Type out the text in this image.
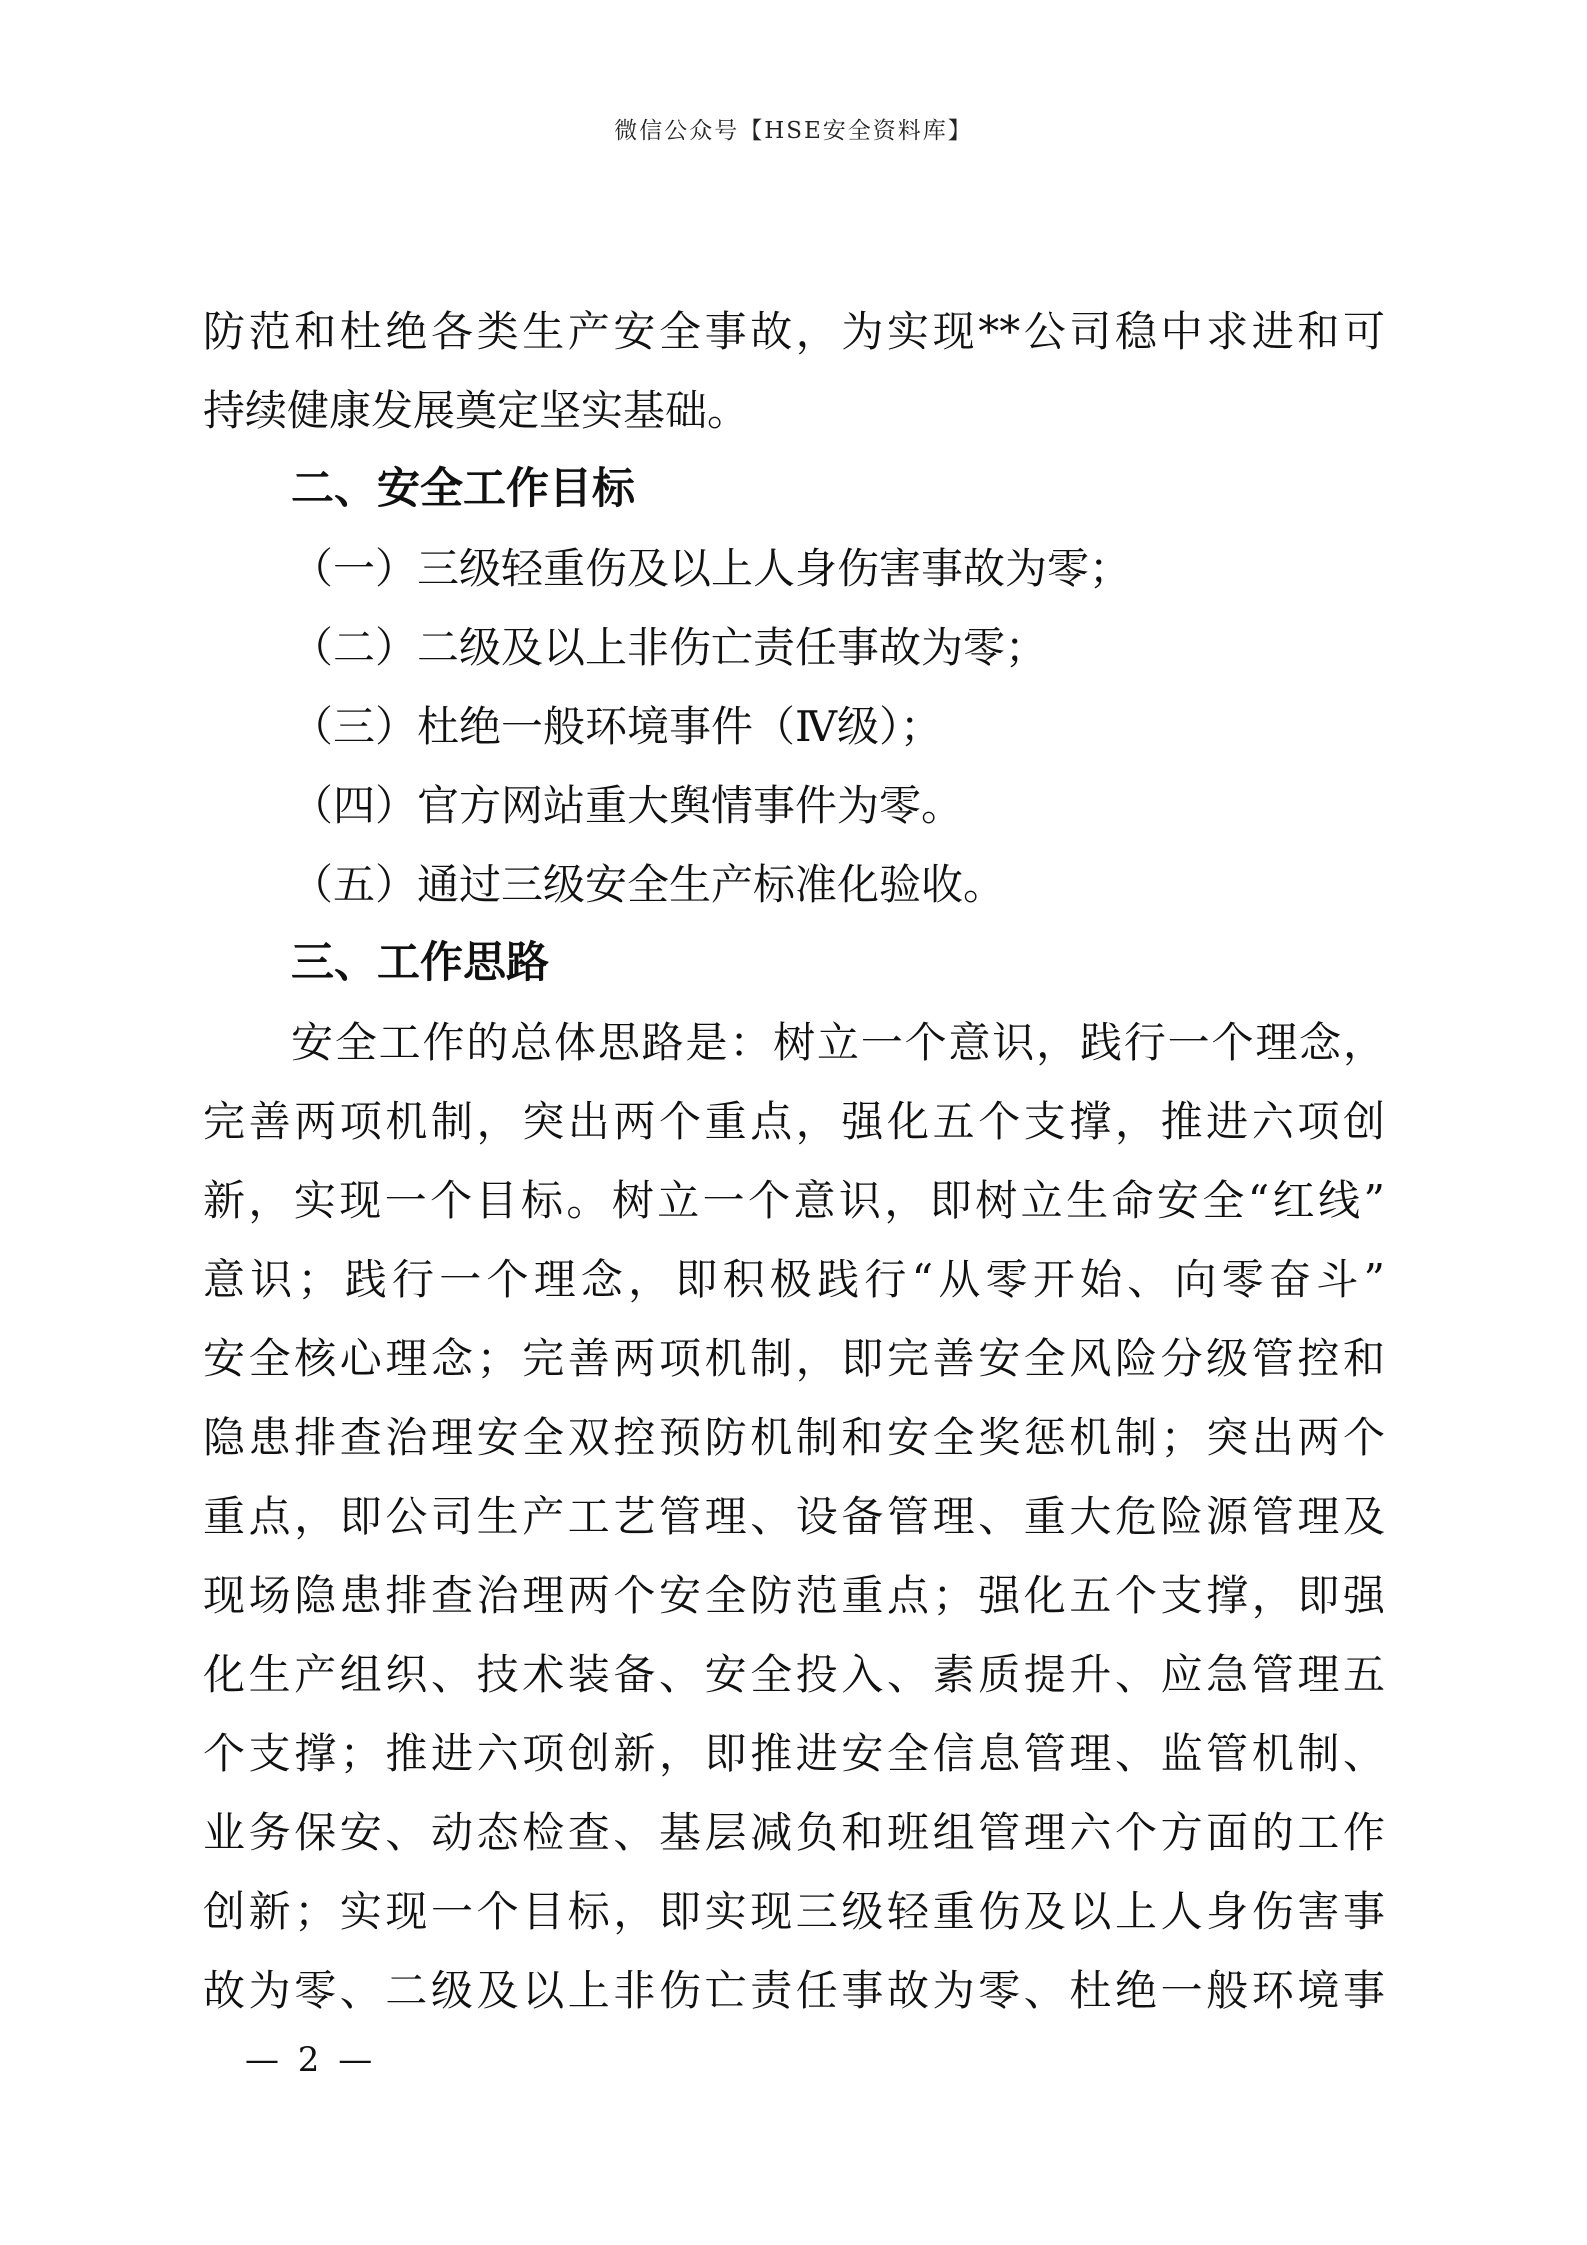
微信公众号【HSE安全资料库】
防范和杜绝各类生产安全事故，为实现**公司稳中求进和可
持续健康发展奠定坚实基础。
二、安全工作目标
（一）三级轻重伤及以上人身伤害事故为零；
（二）二级及以上非伤亡责任事故为零；
（三）杜绝一般环境事件（Ⅳ级）；
（四）官方网站重大舆情事件为零。
（五）通过三级安全生产标准化验收。
三、工作思路
安全工作的总体思路是：树立一个意识，践行一个理念，
完善两项机制，突出两个重点，强化五个支撑，推进六项创
新，实现一个目标。树立一个意识，即树立生命安全“红线”
意识；践行一个理念，即积极践行“从零开始、向零奋斗”
安全核心理念；完善两项机制，即完善安全风险分级管控和
隐患排查治理安全双控预防机制和安全奖惩机制；突出两个
重点，即公司生产工艺管理、设备管理、重大危险源管理及
现场隐患排查治理两个安全防范重点；强化五个支撑，即强
化生产组织、技术装备、安全投入、素质提升、应急管理五
个支撑；推进六项创新，即推进安全信息管理、监管机制、
业务保安、动态检查、基层减负和班组管理六个方面的工作
创新；实现一个目标，即实现三级轻重伤及以上人身伤害事
故为零、二级及以上非伤亡责任事故为零、杜绝一般环境事
— 2 —
